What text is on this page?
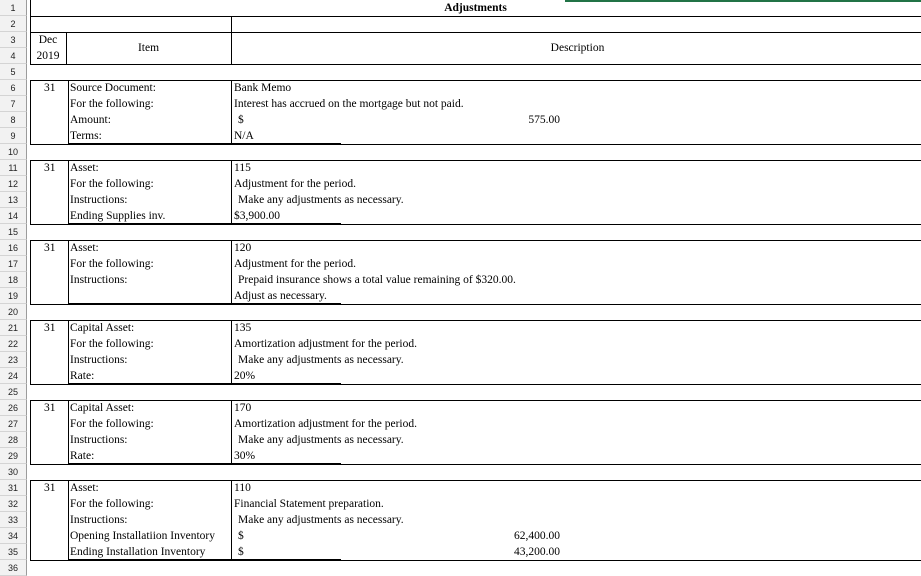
1
2
3
4
5
6
7
8
9
10
11
12
13
14
15
16
17
18
19
20
21
22
23
24
25
26
27
28
29
30
31
32
33
34
35
36
Adjustments
Dec
2019
Item	Description
31 Source Document:	Bank Memo
For the following:	Interest has accrued on the mortgage but not paid.
Amount:	$	575.00
Terms:	N/A
31 Asset:	115
For the following:	Adjustment for the period.
Instructions:	Make any adjustments as necessary.
Ending Supplies inv.	$3,900.00
31 Asset:	120
For the following:	Adjustment for the period.
Instructions:	Prepaid insurance shows a total value remaining of $320.00.
Adjust as necessary.
31 Capital Asset:	135
For the following:	Amortization adjustment for the period.
Instructions:	Make any adjustments as necessary.
Rate:	20%
31 Capital Asset:	170
For the following:	Amortization adjustment for the period.
Instructions:	Make any adjustments as necessary.
Rate:	30%
31 Asset:	110
For the following:	Financial Statement preparation.
Instructions:	Make any adjustments as necessary.
Opening Installatiion Inventory $	62,400.00
Ending Installation Inventory	$	43,200.00
